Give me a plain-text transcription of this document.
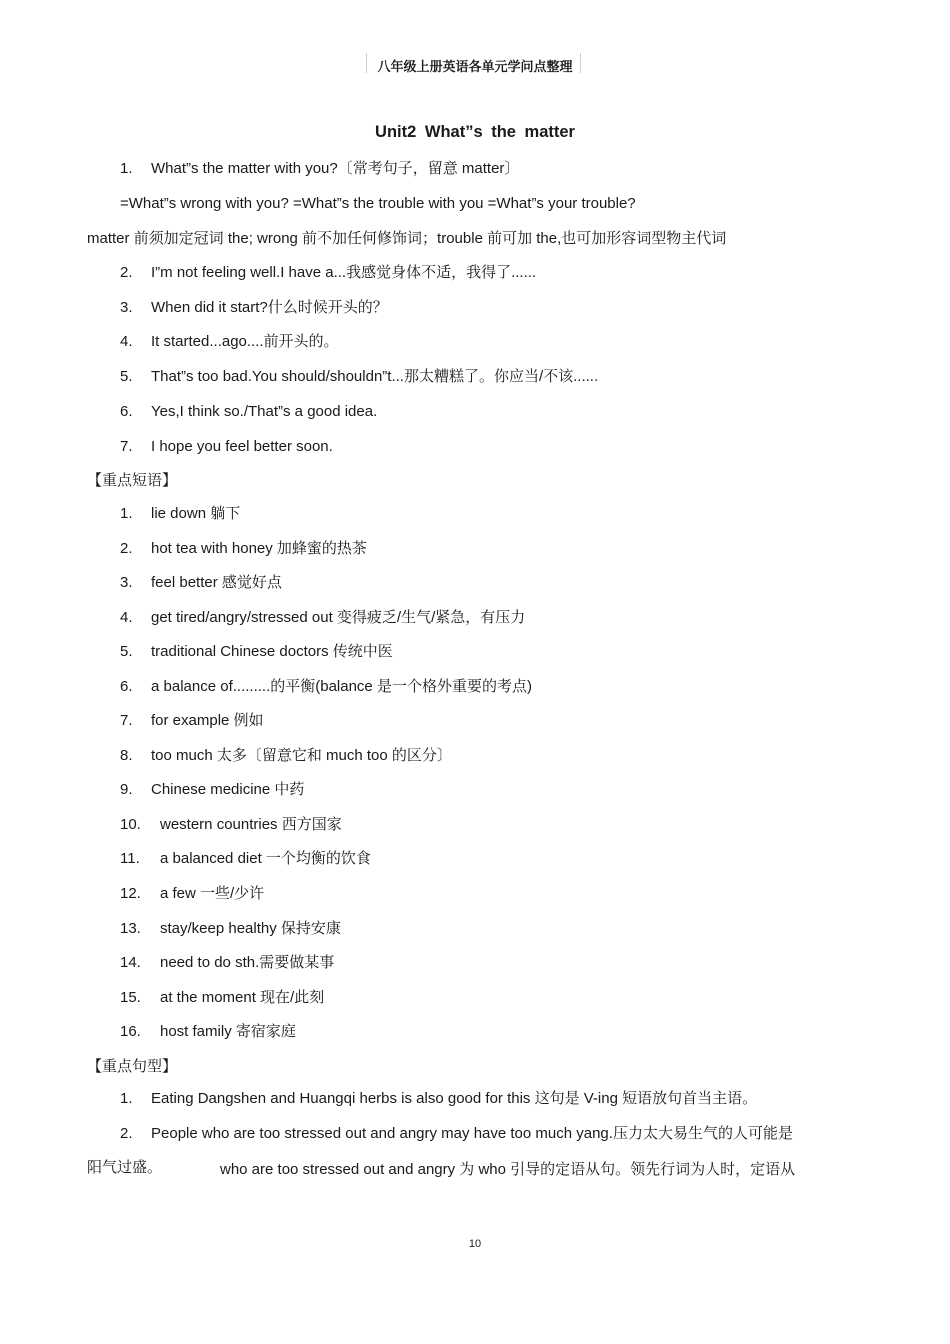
八年级上册英语各单元学问点整理
Unit2 What”s the matter
1. What”s the matter with you?〔常考句子，留意 matter〕
=What”s wrong with you? =What”s the trouble with you =What”s your trouble?
matter 前须加定冠词 the; wrong 前不加任何修饰词；trouble 前可加 the,也可加形容词型物主代词
2. I”m not feeling well.I have a...我感觉身体不适，我得了......
3. When did it start?什么时候开头的？
4. It started...ago....前开头的。
5. That”s too bad.You should/shouldn”t...那太糟糕了。你应当/不该......
6. Yes,I think so./That”s a good idea.
7. I hope you feel better soon.
【重点短语】
1. lie down 躺下
2. hot tea with honey 加蜂蜜的热茶
3. feel better 感觉好点
4. get tired/angry/stressed out 变得疲乏/生气/紧急，有压力
5. traditional Chinese doctors 传统中医
6. a balance of.........的平衡(balance 是一个格外重要的考点)
7. for example 例如
8. too much 太多〔留意它和 much too 的区分〕
9. Chinese medicine 中药
10. western countries 西方国家
11. a balanced diet 一个均衡的饮食
12. a few 一些/少许
13. stay/keep healthy 保持安康
14. need to do sth.需要做某事
15. at the moment 现在/此刻
16. host family 寄宿家庭
【重点句型】
1. Eating Dangshen and Huangqi herbs is also good for this 这句是 V-ing 短语放句首当主语。
2. People who are too stressed out and angry may have too much yang.压力太大易生气的人可能是
阳气过盛。	who are too stressed out and angry 为 who 引导的定语从句。领先行词为人时，定语从
10
